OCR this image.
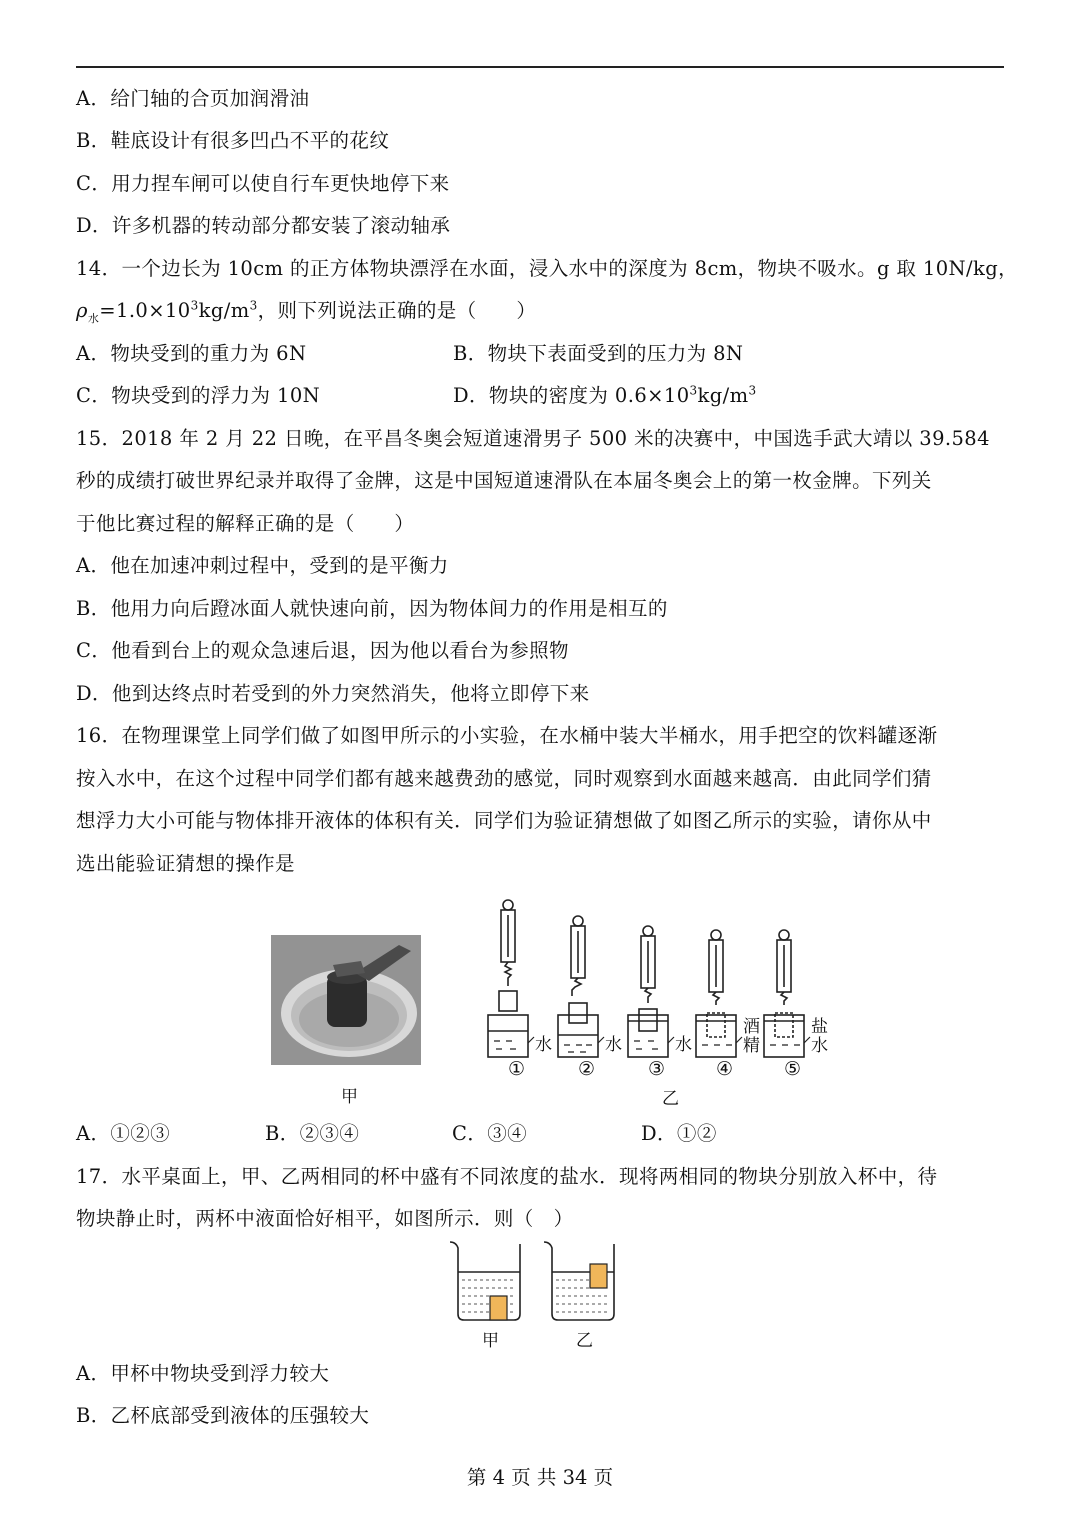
A．给门轴的合页加润滑油
B．鞋底设计有很多凹凸不平的花纹
C．用力捏车闸可以使自行车更快地停下来
D．许多机器的转动部分都安装了滚动轴承
14．一个边长为 10cm 的正方体物块漂浮在水面，浸入水中的深度为 8cm，物块不吸水。g 取 10N/kg，
$\rho_水=1.0\times 10^3kg/m^3$，则下列说法正确的是（　　）
A．物块受到的重力为 6N	B．物块下表面受到的压力为 8N
C．物块受到的浮力为 10N	D．物块的密度为 $0.6\times 10^3kg/m^3$
15．2018 年 2 月 22 日晚，在平昌冬奥会短道速滑男子 500 米的决赛中，中国选手武大靖以 39.584
秒的成绩打破世界纪录并取得了金牌，这是中国短道速滑队在本届冬奥会上的第一枚金牌。下列关
于他比赛过程的解释正确的是（　　）
A．他在加速冲刺过程中，受到的是平衡力
B．他用力向后蹬冰面人就快速向前，因为物体间力的作用是相互的
C．他看到台上的观众急速后退，因为他以看台为参照物
D．他到达终点时若受到的外力突然消失，他将立即停下来
16．在物理课堂上同学们做了如图甲所示的小实验，在水桶中装大半桶水，用手把空的饮料罐逐渐
按入水中，在这个过程中同学们都有越来越费劲的感觉，同时观察到水面越来越高．由此同学们猜
想浮力大小可能与物体排开液体的体积有关．同学们为验证猜想做了如图乙所示的实验，请你从中
选出能验证猜想的操作是
甲
水	水	水
酒精
盐水
①	②	③	④	⑤
乙
A．①②③	B．②③④	C．③④	D．①②
17．水平桌面上，甲、乙两相同的杯中盛有不同浓度的盐水．现将两相同的物块分别放入杯中，待
物块静止时，两杯中液面恰好相平，如图所示．则（　）
甲	乙
A．甲杯中物块受到浮力较大
B．乙杯底部受到液体的压强较大
第 4 页 共 34 页
